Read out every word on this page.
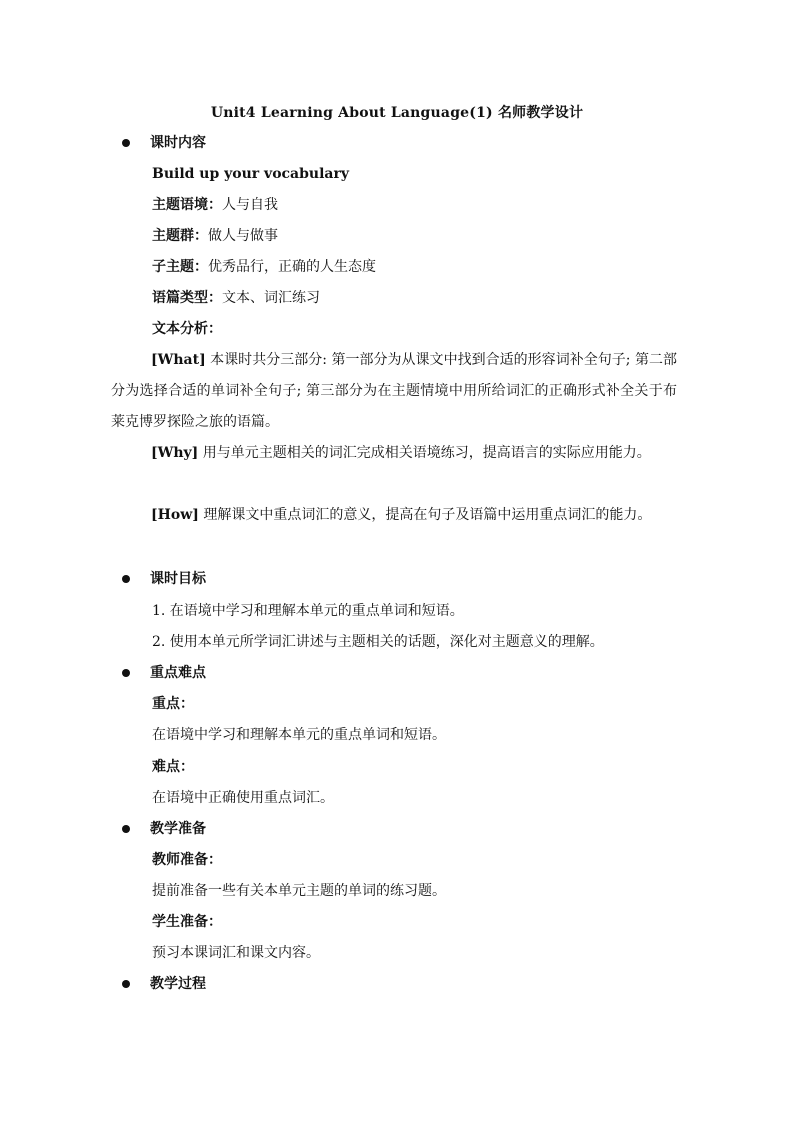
Unit4 Learning About Language(1) 名师教学设计
课时内容
Build up your vocabulary
主题语境：人与自我
主题群：做人与做事
子主题：优秀品行，正确的人生态度
语篇类型：文本、词汇练习
文本分析：
[What] 本课时共分三部分: 第一部分为从课文中找到合适的形容词补全句子; 第二部分为选择合适的单词补全句子; 第三部分为在主题情境中用所给词汇的正确形式补全关于布莱克博罗探险之旅的语篇。
[Why] 用与单元主题相关的词汇完成相关语境练习，提高语言的实际应用能力。
[How] 理解课文中重点词汇的意义，提高在句子及语篇中运用重点词汇的能力。
课时目标
1. 在语境中学习和理解本单元的重点单词和短语。
2. 使用本单元所学词汇讲述与主题相关的话题，深化对主题意义的理解。
重点难点
重点：
在语境中学习和理解本单元的重点单词和短语。
难点：
在语境中正确使用重点词汇。
教学准备
教师准备：
提前准备一些有关本单元主题的单词的练习题。
学生准备：
预习本课词汇和课文内容。
教学过程
